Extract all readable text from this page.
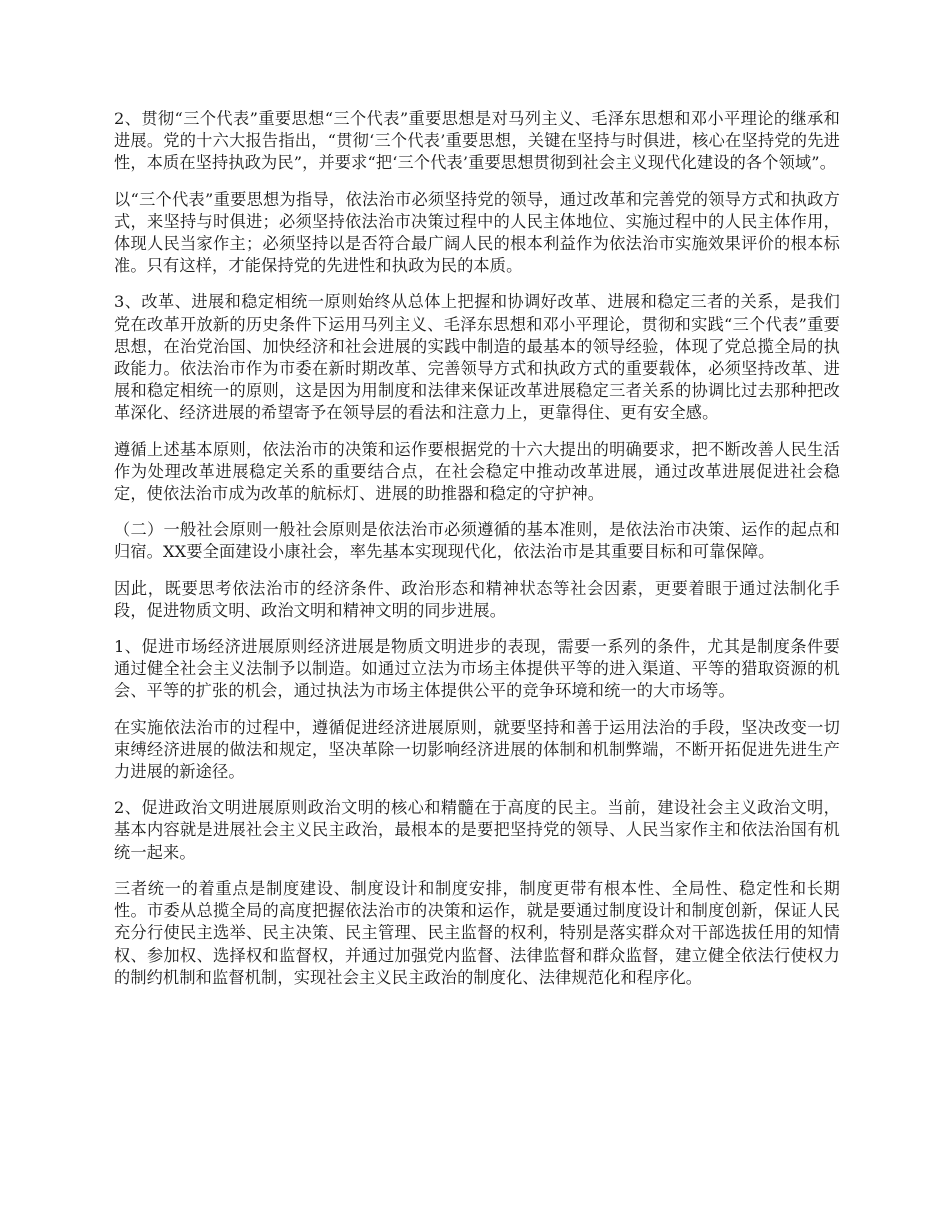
2、贯彻“三个代表”重要思想“三个代表”重要思想是对马列主义、毛泽东思想和邓小平理论的继承和进展。党的十六大报告指出，“贯彻‘三个代表’重要思想，关键在坚持与时俱进，核心在坚持党的先进性，本质在坚持执政为民”，并要求“把‘三个代表’重要思想贯彻到社会主义现代化建设的各个领域”。

以“三个代表”重要思想为指导，依法治市必须坚持党的领导，通过改革和完善党的领导方式和执政方式，来坚持与时俱进；必须坚持依法治市决策过程中的人民主体地位、实施过程中的人民主体作用，体现人民当家作主；必须坚持以是否符合最广阔人民的根本利益作为依法治市实施效果评价的根本标准。只有这样，才能保持党的先进性和执政为民的本质。

3、改革、进展和稳定相统一原则始终从总体上把握和协调好改革、进展和稳定三者的关系，是我们党在改革开放新的历史条件下运用马列主义、毛泽东思想和邓小平理论，贯彻和实践“三个代表”重要思想，在治党治国、加快经济和社会进展的实践中制造的最基本的领导经验，体现了党总揽全局的执政能力。依法治市作为市委在新时期改革、完善领导方式和执政方式的重要载体，必须坚持改革、进展和稳定相统一的原则，这是因为用制度和法律来保证改革进展稳定三者关系的协调比过去那种把改革深化、经济进展的希望寄予在领导层的看法和注意力上，更靠得住、更有安全感。

遵循上述基本原则，依法治市的决策和运作要根据党的十六大提出的明确要求，把不断改善人民生活作为处理改革进展稳定关系的重要结合点，在社会稳定中推动改革进展，通过改革进展促进社会稳定，使依法治市成为改革的航标灯、进展的助推器和稳定的守护神。

（二）一般社会原则一般社会原则是依法治市必须遵循的基本准则，是依法治市决策、运作的起点和归宿。XX要全面建设小康社会，率先基本实现现代化，依法治市是其重要目标和可靠保障。

因此，既要思考依法治市的经济条件、政治形态和精神状态等社会因素，更要着眼于通过法制化手段，促进物质文明、政治文明和精神文明的同步进展。

1、促进市场经济进展原则经济进展是物质文明进步的表现，需要一系列的条件，尤其是制度条件要通过健全社会主义法制予以制造。如通过立法为市场主体提供平等的进入渠道、平等的猎取资源的机会、平等的扩张的机会，通过执法为市场主体提供公平的竞争环境和统一的大市场等。

在实施依法治市的过程中，遵循促进经济进展原则，就要坚持和善于运用法治的手段，坚决改变一切束缚经济进展的做法和规定，坚决革除一切影响经济进展的体制和机制弊端，不断开拓促进先进生产力进展的新途径。

2、促进政治文明进展原则政治文明的核心和精髓在于高度的民主。当前，建设社会主义政治文明，基本内容就是进展社会主义民主政治，最根本的是要把坚持党的领导、人民当家作主和依法治国有机统一起来。

三者统一的着重点是制度建设、制度设计和制度安排，制度更带有根本性、全局性、稳定性和长期性。市委从总揽全局的高度把握依法治市的决策和运作，就是要通过制度设计和制度创新，保证人民充分行使民主选举、民主决策、民主管理、民主监督的权利，特别是落实群众对干部选拔任用的知情权、参加权、选择权和监督权，并通过加强党内监督、法律监督和群众监督，建立健全依法行使权力的制约机制和监督机制，实现社会主义民主政治的制度化、法律规范化和程序化。
